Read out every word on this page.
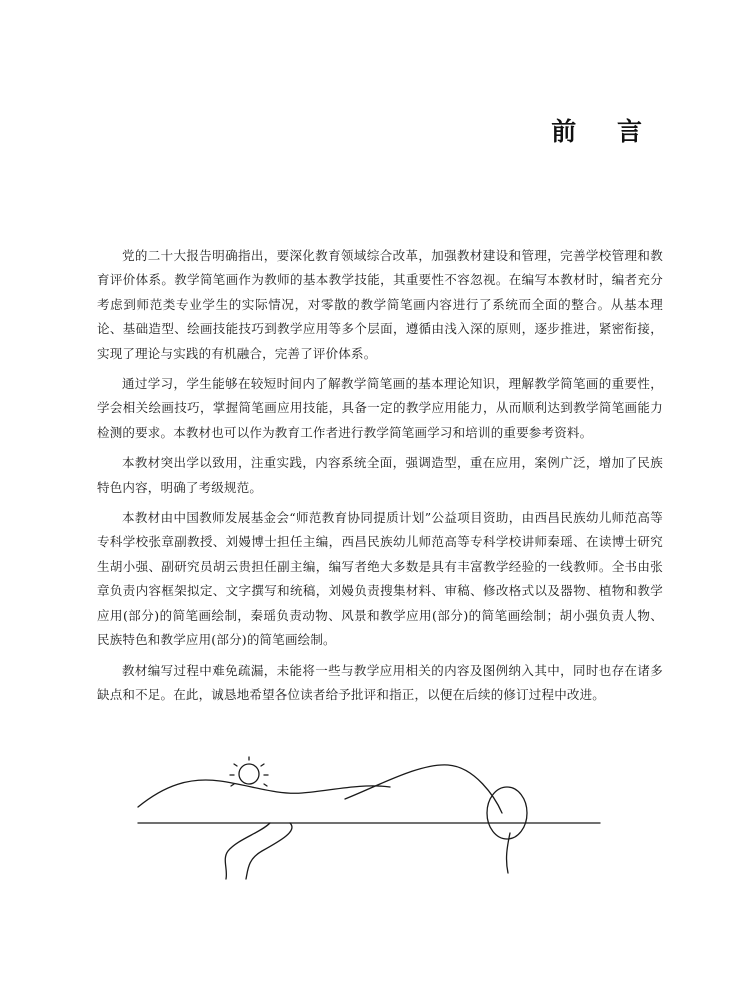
前 言

党的二十大报告明确指出，要深化教育领域综合改革，加强教材建设和管理，完善学校管理和教育评价体系。教学简笔画作为教师的基本教学技能，其重要性不容忽视。在编写本教材时，编者充分考虑到师范类专业学生的实际情况，对零散的教学简笔画内容进行了系统而全面的整合。从基本理论、基础造型、绘画技能技巧到教学应用等多个层面，遵循由浅入深的原则，逐步推进，紧密衔接，实现了理论与实践的有机融合，完善了评价体系。

通过学习，学生能够在较短时间内了解教学简笔画的基本理论知识，理解教学简笔画的重要性，学会相关绘画技巧，掌握简笔画应用技能，具备一定的教学应用能力，从而顺利达到教学简笔画能力检测的要求。本教材也可以作为教育工作者进行教学简笔画学习和培训的重要参考资料。

本教材突出学以致用，注重实践，内容系统全面，强调造型，重在应用，案例广泛，增加了民族特色内容，明确了考级规范。

本教材由中国教师发展基金会“师范教育协同提质计划”公益项目资助，由西昌民族幼儿师范高等专科学校张章副教授、刘嫚博士担任主编，西昌民族幼儿师范高等专科学校讲师秦瑶、在读博士研究生胡小强、副研究员胡云贵担任副主编，编写者绝大多数是具有丰富教学经验的一线教师。全书由张章负责内容框架拟定、文字撰写和统稿，刘嫚负责搜集材料、审稿、修改格式以及器物、植物和教学应用(部分)的简笔画绘制，秦瑶负责动物、风景和教学应用(部分)的简笔画绘制；胡小强负责人物、民族特色和教学应用(部分)的简笔画绘制。

教材编写过程中难免疏漏，未能将一些与教学应用相关的内容及图例纳入其中，同时也存在诸多缺点和不足。在此，诚恳地希望各位读者给予批评和指正，以便在后续的修订过程中改进。
